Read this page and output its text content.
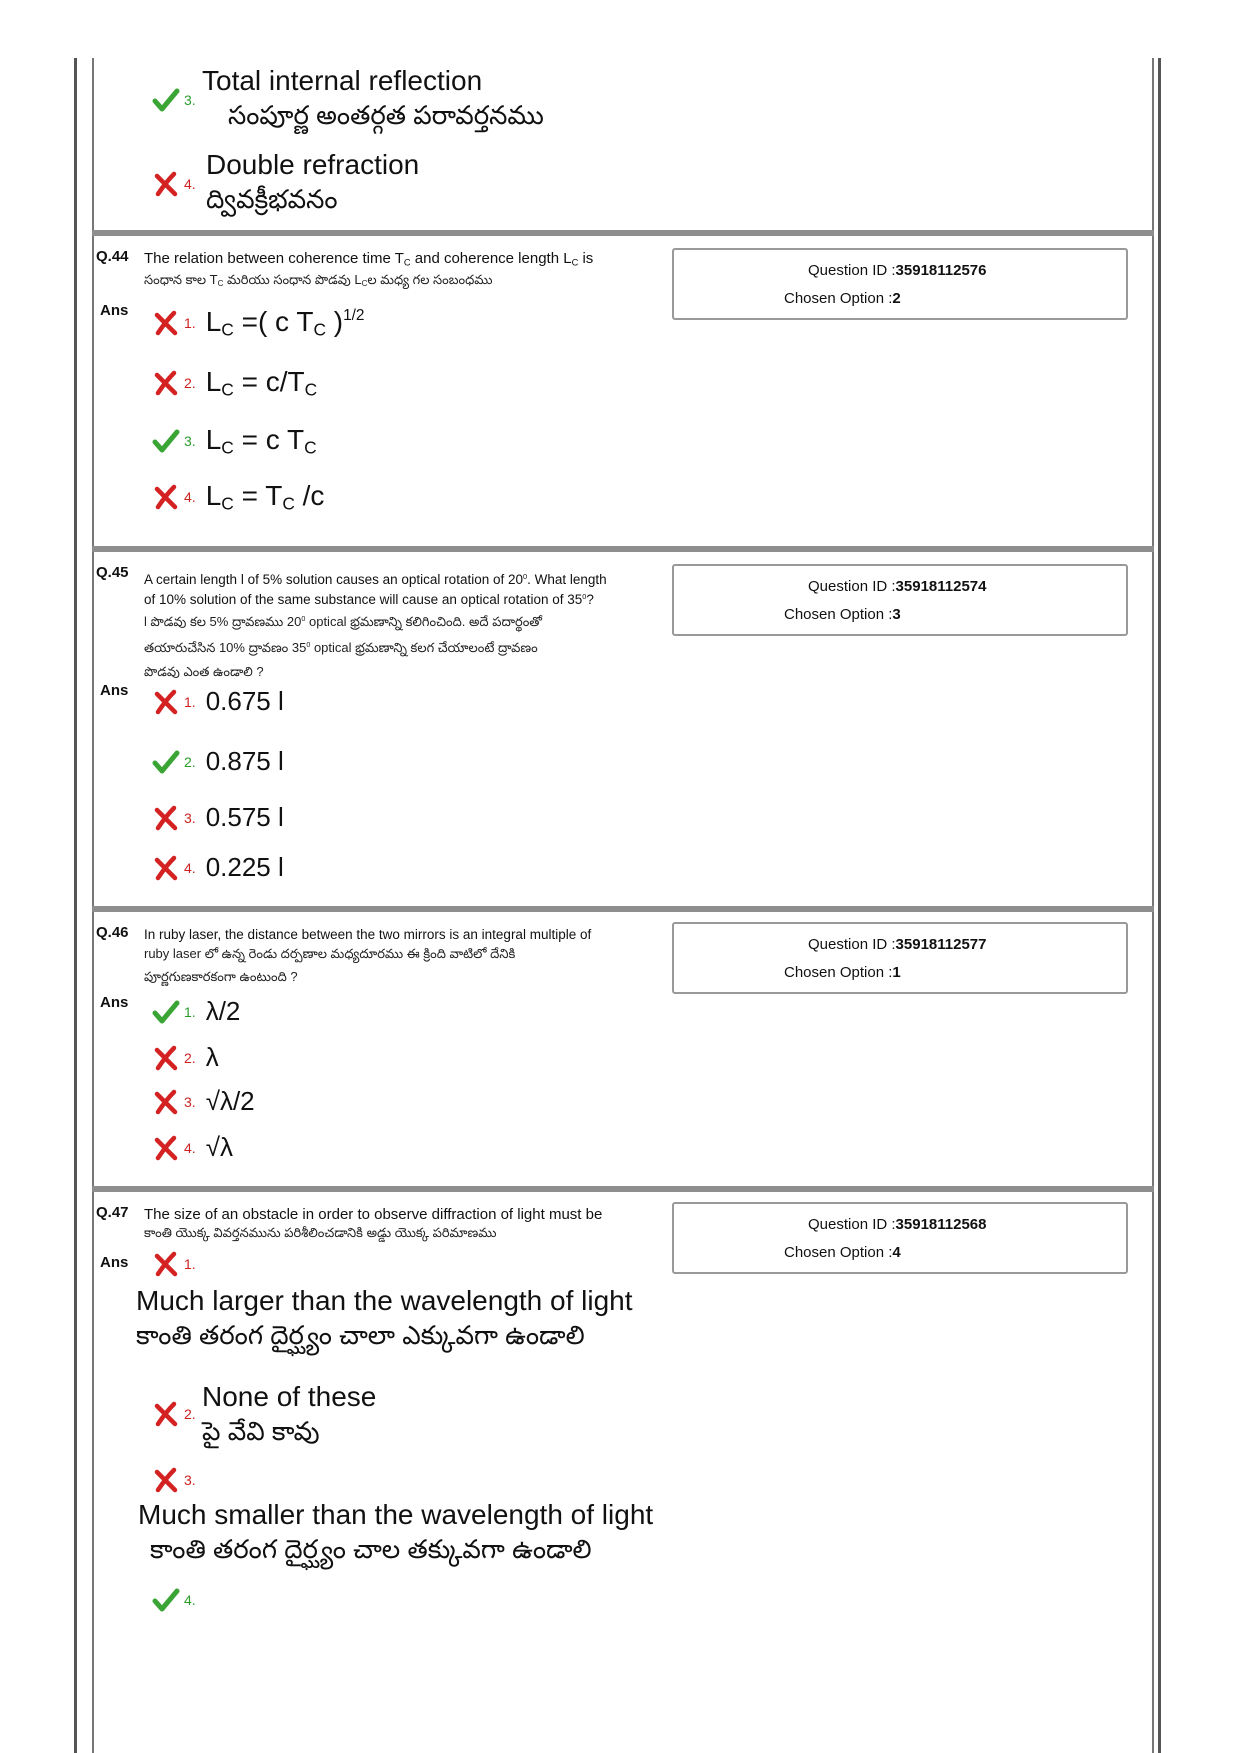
3.
Total internal reflection
సంపూర్ణ అంతర్గత పరావర్తనము
4.
Double refraction
ద్వివక్రీభవనం
Q.44 The relation between coherence time $T_C$ and coherence length $L_C$ is
సంధాన కాల $T_C$ మరియు సంధాన పొడవు $L_Cల$ మధ్య గల సంబంధము
Ans
Question ID :35918112576
Chosen Option :2
1. $L_C$ =( c $T_C$ )$^{1/2}$
2. $L_C = c/T_C$
3. $L_C = c$ $T_C$
4. $L_C = T_C$ /c
Q.45 A certain length l of 5% solution causes an optical rotation of $20^0$. What length
of 10% solution of the same substance will cause an optical rotation of $35^0$?
l పొడవు కల 5% ద్రావణము $20^0$ optical భ్రమణాన్ని కలిగించింది. అదే పదార్థంతో
తయారుచేసిన 10% ద్రావణం $35^0$ optical భ్రమణాన్ని కలగ చేయాలంటే ద్రావణం
పొడవు ఎంత ఉండాలి ?
Ans
Question ID :35918112574
Chosen Option :3
1. 0.675 l
2. 0.875 l
3. 0.575 l
4. 0.225 l
Q.46 In ruby laser, the distance between the two mirrors is an integral multiple of
ruby laser లో ఉన్న రెండు దర్పణాల మధ్యదూరము ఈ క్రింది వాటిలో దేనికి
పూర్ణగుణకారకంగా ఉంటుంది ?
Ans
Question ID :35918112577
Chosen Option :1
1. λ/2
2. λ
3. √λ/2
4. √λ
Q.47 The size of an obstacle in order to observe diffraction of light must be
కాంతి యొక్క వివర్తనమును పరిశీలించడానికి అడ్డు యొక్క పరిమాణము
Ans
Question ID :35918112568
Chosen Option :4
1.
Much larger than the wavelength of light
కాంతి తరంగ దైర్ఘ్యం చాలా ఎక్కువగా ఉండాలి
2.
None of these
పై వేవి కావు
3.
Much smaller than the wavelength of light
కాంతి తరంగ దైర్ఘ్యం చాల తక్కువగా ఉండాలి
4.
